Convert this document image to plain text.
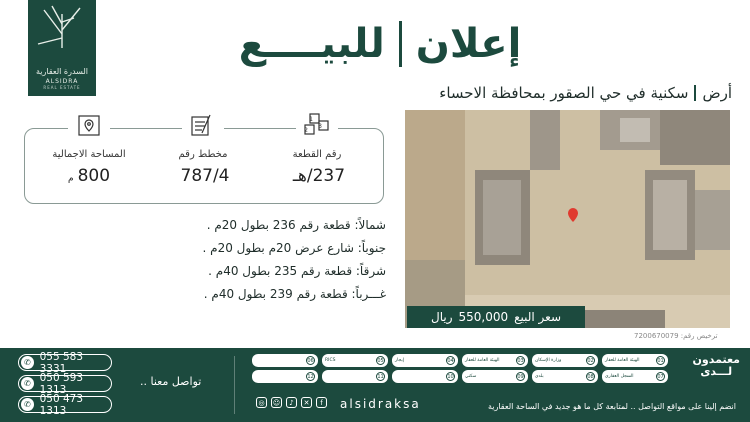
السدرة العقارية
ALSIDRA
REAL ESTATE
إعلان
للبيــــع
أرض
سكنية في حي الصقور بمحافظة الاحساء
1
2
3
رقم القطعة
237/هـ
مخطط رقم
787/4
المساحة الاجمالية
800م
شمالاً: قطعة رقم 236 بطول 20م .
جنوباً: شارع عرض 20م بطول 20م .
شرقاً: قطعة رقم 235 بطول 40م .
غـــرباً: قطعة رقم 239 بطول 40م .
سعر البيع
550,000
ريال
ترخيص رقم: 7200670079
✆ 055 583 3331
✆ 050 593 1313
✆ 050 473 1313
تواصل معنا ..
06	05
RICS	04
إيجار	03
الهيئة العامة للعقار	02
وزارة الإسكان	01
الهيئة العامة للعقار
12	11	10	09
سكني	08
بلدي	07
السجل العقاري
معتمدون
لـــدى
◎	☺	♪	✕	f	alsidraksa	انضم إلينا على مواقع التواصل .. لمتابعة كل ما هو جديد في الساحة العقارية
